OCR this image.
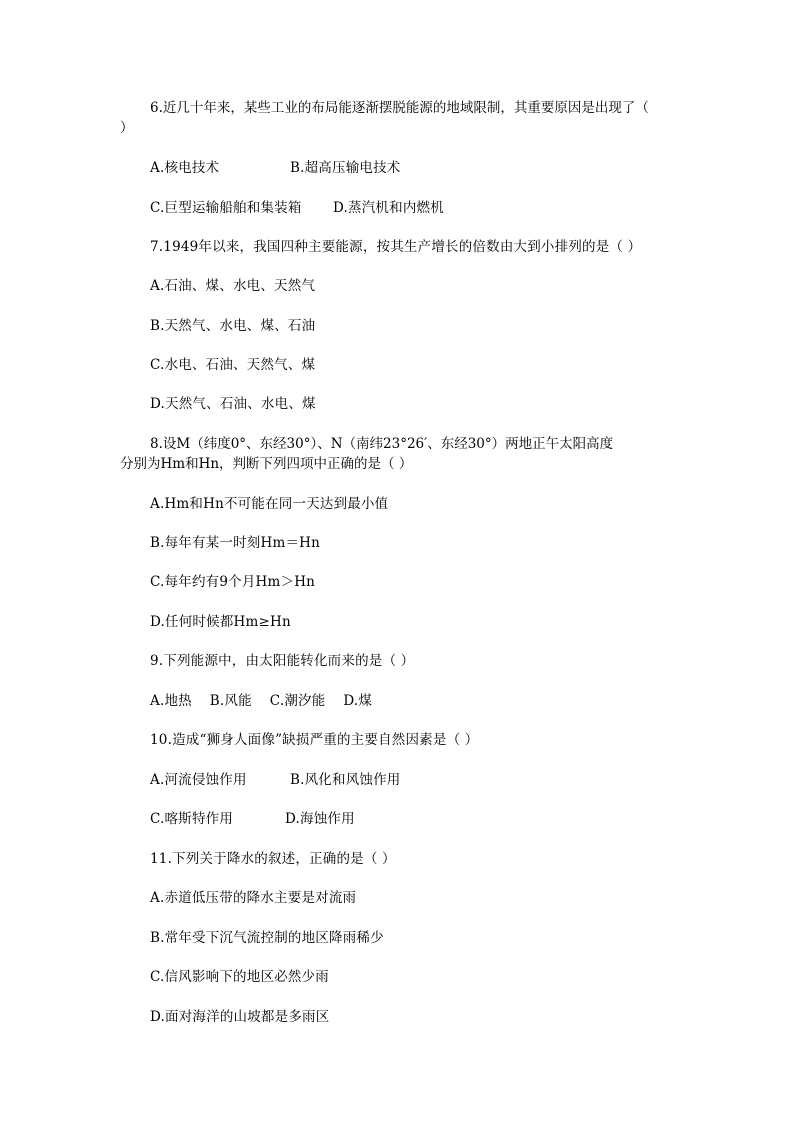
6.近几十年来，某些工业的布局能逐渐摆脱能源的地域限制，其重要原因是出现了（
）
A.核电技术	B.超高压输电技术
C.巨型运输船舶和集装箱 D.蒸汽机和内燃机
7.1949年以来，我国四种主要能源，按其生产增长的倍数由大到小排列的是（ ）
A.石油、煤、水电、天然气
B.天然气、水电、煤、石油
C.水电、石油、天然气、煤
D.天然气、石油、水电、煤
8.设M（纬度0°、东经30°）、N（南纬23°26′、东经30°）两地正午太阳高度
分别为Hm和Hn，判断下列四项中正确的是（ ）
A.Hm和Hn不可能在同一天达到最小值
B.每年有某一时刻Hm＝Hn
C.每年约有9个月Hm＞Hn
D.任何时候都Hm≥Hn
9.下列能源中，由太阳能转化而来的是（ ）
A.地热    B.风能    C.潮汐能    D.煤
10.造成“狮身人面像”缺损严重的主要自然因素是（ ）
A.河流侵蚀作用	B.风化和风蚀作用
C.喀斯特作用	D.海蚀作用
11.下列关于降水的叙述，正确的是（ ）
A.赤道低压带的降水主要是对流雨
B.常年受下沉气流控制的地区降雨稀少
C.信风影响下的地区必然少雨
D.面对海洋的山坡都是多雨区
